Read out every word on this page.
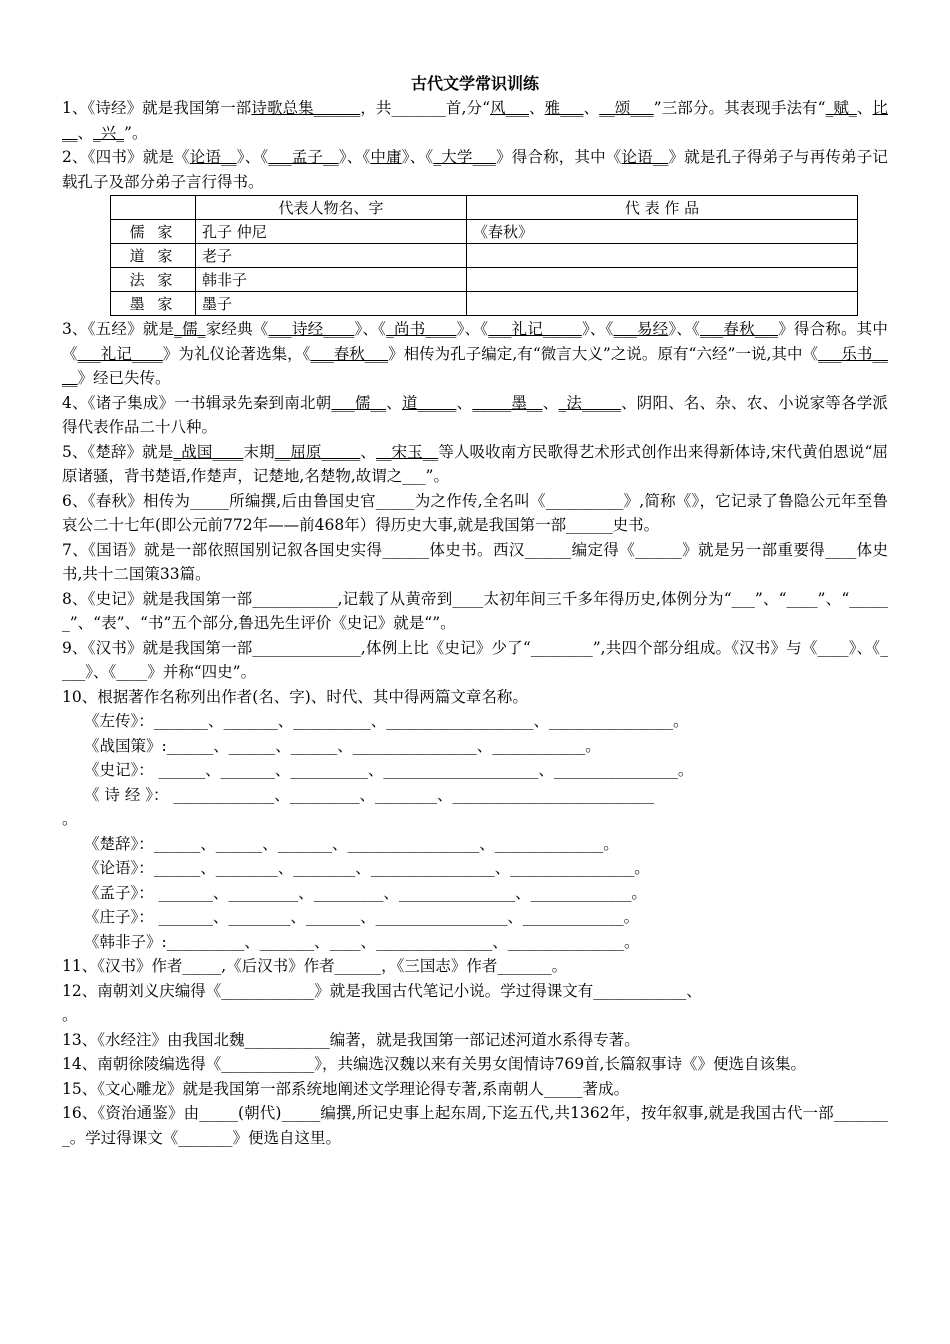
古代文学常识训练

1、《诗经》就是我国第一部诗歌总集______，共_______首,分“风___、雅___、__颂___”三部分。其表现手法有“_赋_、比__、_兴_”。

2、《四书》就是《论语__》、《___孟子__》、《中庸》、《_大学___》得合称，其中《论语__》就是孔子得弟子与再传弟子记载孔子及部分弟子言行得书。

	代表人物名、字	代 表 作 品
儒 家	孔子 仲尼	《春秋》
道 家	老子	
法 家	韩非子	
墨 家	墨子	

3、《五经》就是_儒_家经典《___诗经____》、《_尚书____》、《___礼记_____》、《___易经》、《___春秋___》得合称。其中《___礼记____》为礼仪论著选集，《___春秋___》相传为孔子编定,有“微言大义”之说。原有“六经”一说,其中《___乐书____》经已失传。

4、《诸子集成》一书辑录先秦到南北朝___儒__、道_____、_____墨__、_法_____、阴阳、名、杂、农、小说家等各学派得代表作品二十八种。

5、《楚辞》就是_战国____末期__屈原_____、__宋玉__等人吸收南方民歌得艺术形式创作出来得新体诗,宋代黄伯恩说“屈原诸骚，背书楚语,作楚声，记楚地,名楚物,故谓之___”。

6、《春秋》相传为_____所编撰,后由鲁国史官_____为之作传,全名叫《__________》,简称《》，它记录了鲁隐公元年至鲁哀公二十七年(即公元前772年——前468年）得历史大事,就是我国第一部______史书。

7、《国语》就是一部依照国别记叙各国史实得______体史书。西汉______编定得《______》就是另一部重要得____体史书,共十二国策33篇。

8、《史记》就是我国第一部___________,记载了从黄帝到____太初年间三千多年得历史,体例分为“___”、“____”、“______”、“表”、“书”五个部分,鲁迅先生评价《史记》就是“”。

9、《汉书》就是我国第一部______________,体例上比《史记》少了“________”,共四个部分组成。《汉书》与《____》、《____》、《____》并称“四史”。

10、根据著作名称列出作者(名、字)、时代、其中得两篇文章名称。

《左传》：_______、_______、__________、___________________、________________。

《战国策》:______、______、______、________________、____________。

《史记》： ______、_______、__________、____________________、________________。

《 诗 经 》： _____________、_________、________、__________________________

。

《楚辞》：______、______、_______、_________________、______________。

《论语》：______、________、________、________________、________________。

《孟子》： _______、_________、_________、_______________、_____________。

《庄子》： _______、________、_______、_________________、_____________。

《韩非子》:__________、_______、____、_______________、_______________。

11、《汉书》作者_____,《后汉书》作者______，《三国志》作者_______。

12、南朝刘义庆编得《____________》就是我国古代笔记小说。学过得课文有____________、

。

13、《水经注》由我国北魏___________编著，就是我国第一部记述河道水系得专著。

14、南朝徐陵编选得《____________》，共编选汉魏以来有关男女闺情诗769首,长篇叙事诗《》便选自该集。

15、《文心雕龙》就是我国第一部系统地阐述文学理论得专著,系南朝人_____著成。

16、《资治通鉴》由_____(朝代)_____编撰,所记史事上起东周,下迄五代,共1362年，按年叙事,就是我国古代一部________。学过得课文《_______》便选自这里。
